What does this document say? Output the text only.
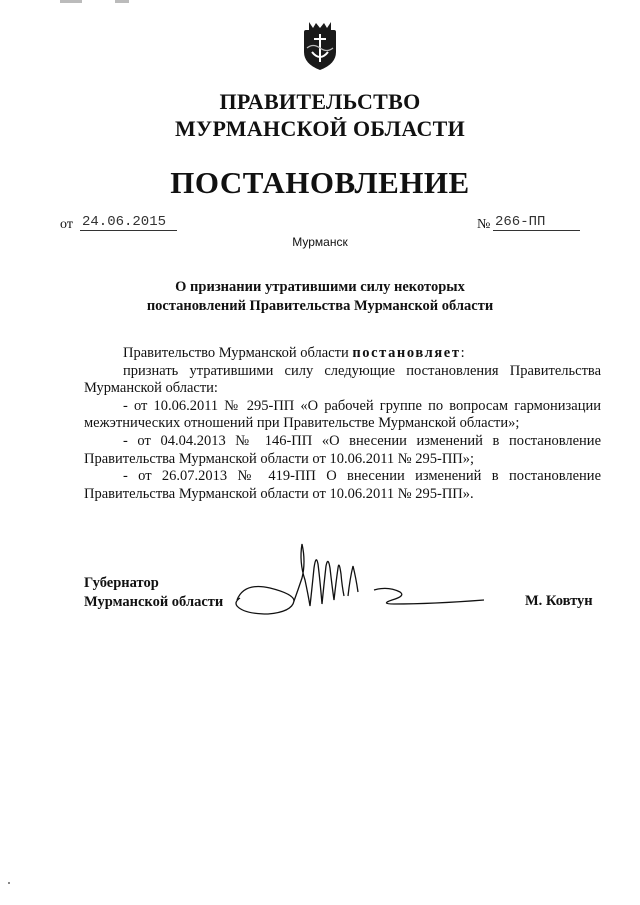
ПРАВИТЕЛЬСТВО
МУРМАНСКОЙ ОБЛАСТИ
ПОСТАНОВЛЕНИЕ
от 24.06.2015	№ 266-ПП
Мурманск
О признании утратившими силу некоторых
постановлений Правительства Мурманской области

Правительство Мурманской области постановляет:

признать утратившими силу следующие постановления Правительства Мурманской области:

- от 10.06.2011 № 295-ПП «О рабочей группе по вопросам гармонизации межэтнических отношений при Правительстве Мурманской области»;

- от 04.04.2013 № 146-ПП «О внесении изменений в постановление Правительства Мурманской области от 10.06.2011 № 295-ПП»;

- от 26.07.2013 № 419-ПП О внесении изменений в постановление Правительства Мурманской области от 10.06.2011 № 295-ПП».

Губернатор
Мурманской области	М. Ковтун
